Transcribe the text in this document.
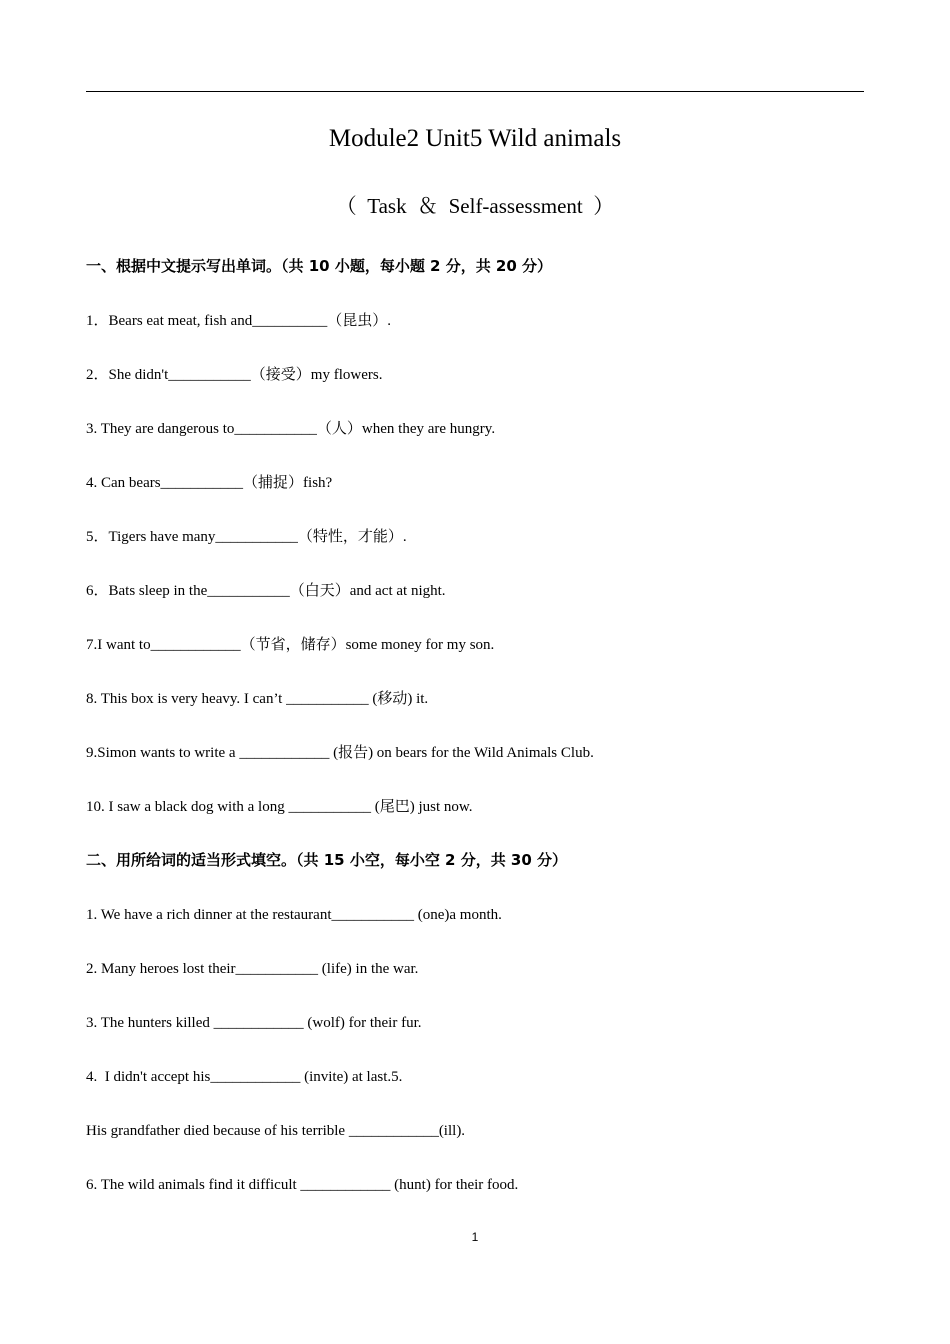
Module2 Unit5 Wild animals
（  Task  ＆  Self-assessment  ）
一、根据中文提示写出单词。（共 10 小题，每小题 2 分，共 20 分）
1．Bears eat meat, fish and__________（昆虫）.
2．She didn't___________（接受）my flowers.
3. They are dangerous to___________（人）when they are hungry.
4. Can bears___________（捕捉）fish?
5．Tigers have many___________（特性，才能）.
6．Bats sleep in the___________（白天）and act at night.
7.I want to____________（节省，储存）some money for my son.
8. This box is very heavy. I can’t ___________ (移动) it.
9.Simon wants to write a ____________ (报告) on bears for the Wild Animals Club.
10. I saw a black dog with a long ___________ (尾巴) just now.
二、用所给词的适当形式填空。（共 15 小空，每小空 2 分，共 30 分）
1. We have a rich dinner at the restaurant___________ (one)a month.
2. Many heroes lost their___________ (life) in the war.
3. The hunters killed ____________ (wolf) for their fur.
4.  I didn't accept his____________ (invite) at last.5.
His grandfather died because of his terrible ____________(ill).
6. The wild animals find it difficult ____________ (hunt) for their food.
1
